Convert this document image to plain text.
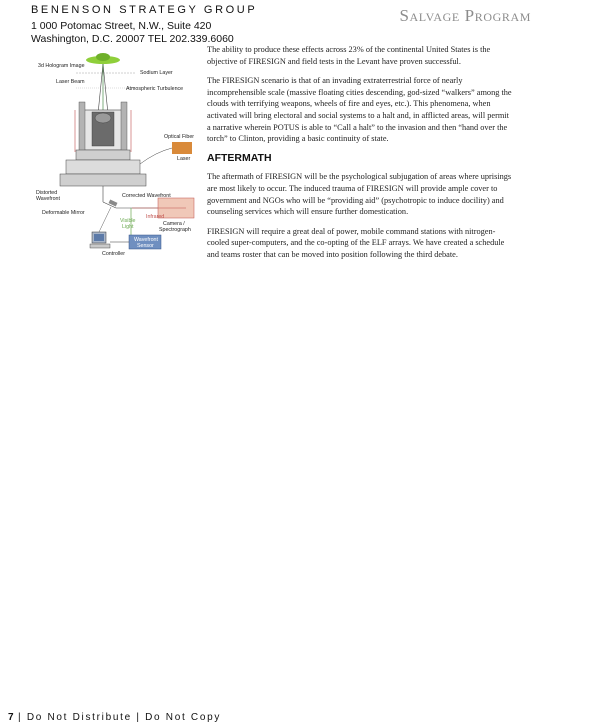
BENENSON STRATEGY GROUP
1 000 Potomac Street, N.W., Suite 420
Washington, D.C. 20007 TEL 202.339.6060
Salvage Program
3d Hologram Image
Laser Beam
Sodium Layer
Atmospheric Turbulence
Optical Fiber
Laser
Distorted
Wavefront	Corrected Wavefront
Deformable Mirror
Visible
Light
Infrared
Camera /
Spectrograph
Wavefront
Sensor
Controller

The ability to produce these effects across 23% of the continental United States is the objective of FIRESIGN and field tests in the Levant have proven successful.

The FIRESIGN scenario is that of an invading extraterrestrial force of nearly incomprehensible scale (massive floating cities descending, god-sized “walkers” among the clouds with terrifying weapons, wheels of fire and eyes, etc.). This phenomena, when activated will bring electoral and social systems to a halt and, in afflicted areas, will permit a narrative wherein POTUS is able to “Call a halt” to the invasion and then “hand over the torch” to Clinton, providing a basic continuity of state.

AFTERMATH

The aftermath of FIRESIGN will be the psychological subjugation of areas where uprisings are most likely to occur. The induced trauma of FIRESIGN will provide ample cover to government and NGOs who will be “providing aid” (psychotropic to induce docility) and counseling services which will ensure further domestication.

FIRESIGN will require a great deal of power, mobile command stations with nitrogen-cooled super-computers, and the co-opting of the ELF arrays. We have created a schedule and teams roster that can be moved into position following the third debate.

7 | Do Not Distribute | Do Not Copy
